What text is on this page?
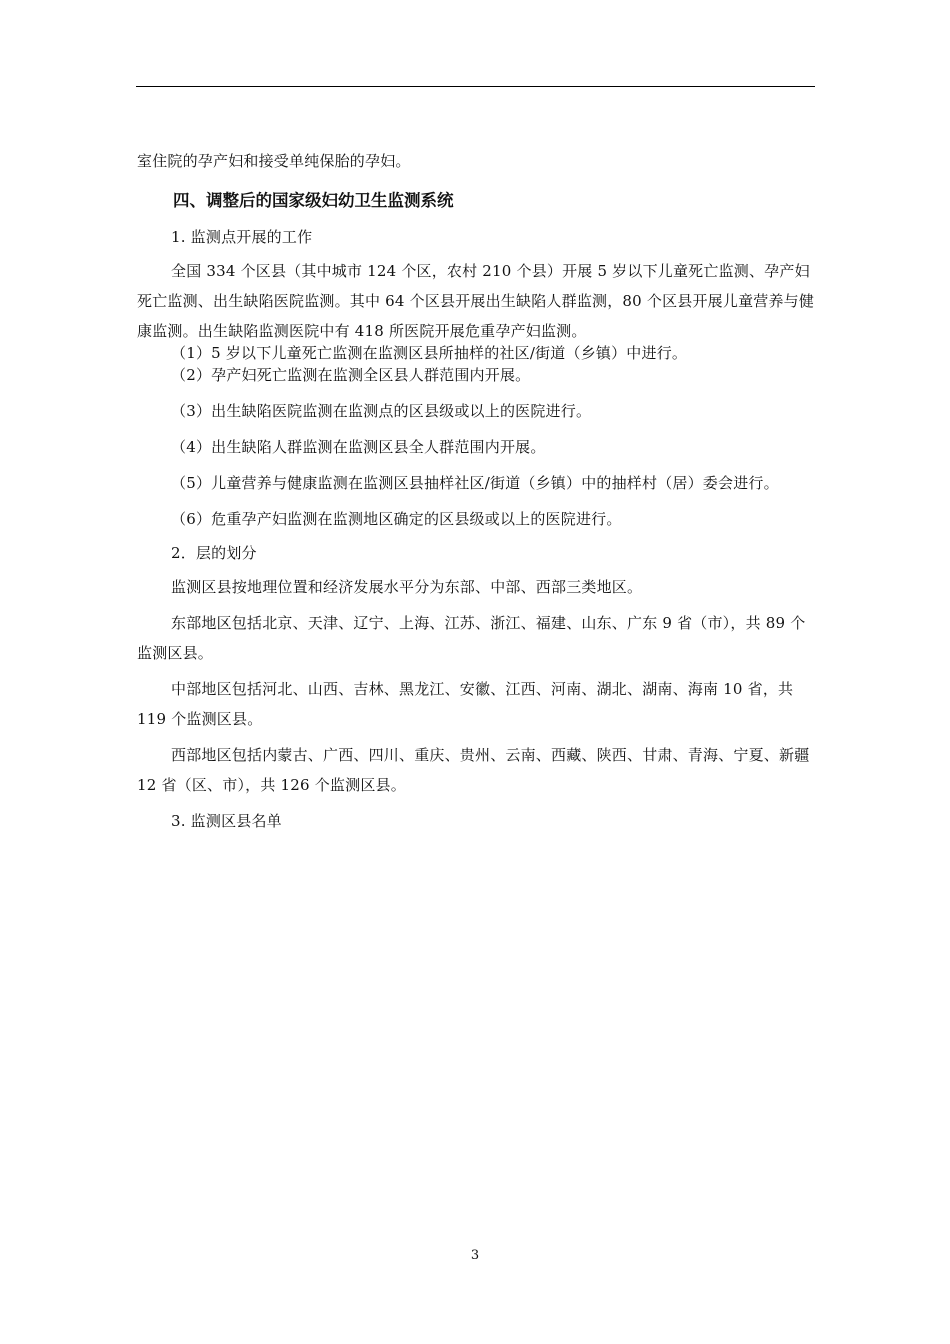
室住院的孕产妇和接受单纯保胎的孕妇。

四、调整后的国家级妇幼卫生监测系统

1. 监测点开展的工作

全国 334 个区县（其中城市 124 个区，农村 210 个县）开展 5 岁以下儿童死亡监测、孕产妇死亡监测、出生缺陷医院监测。其中 64 个区县开展出生缺陷人群监测，80 个区县开展儿童营养与健康监测。出生缺陷监测医院中有 418 所医院开展危重孕产妇监测。

（1）5 岁以下儿童死亡监测在监测区县所抽样的社区/街道（乡镇）中进行。

（2）孕产妇死亡监测在监测全区县人群范围内开展。

（3）出生缺陷医院监测在监测点的区县级或以上的医院进行。

（4）出生缺陷人群监测在监测区县全人群范围内开展。

（5）儿童营养与健康监测在监测区县抽样社区/街道（乡镇）中的抽样村（居）委会进行。

（6）危重孕产妇监测在监测地区确定的区县级或以上的医院进行。

2．层的划分

监测区县按地理位置和经济发展水平分为东部、中部、西部三类地区。

东部地区包括北京、天津、辽宁、上海、江苏、浙江、福建、山东、广东 9 省（市），共 89 个监测区县。

中部地区包括河北、山西、吉林、黑龙江、安徽、江西、河南、湖北、湖南、海南 10 省，共 119 个监测区县。

西部地区包括内蒙古、广西、四川、重庆、贵州、云南、西藏、陕西、甘肃、青海、宁夏、新疆 12 省（区、市），共 126 个监测区县。

3. 监测区县名单

3
